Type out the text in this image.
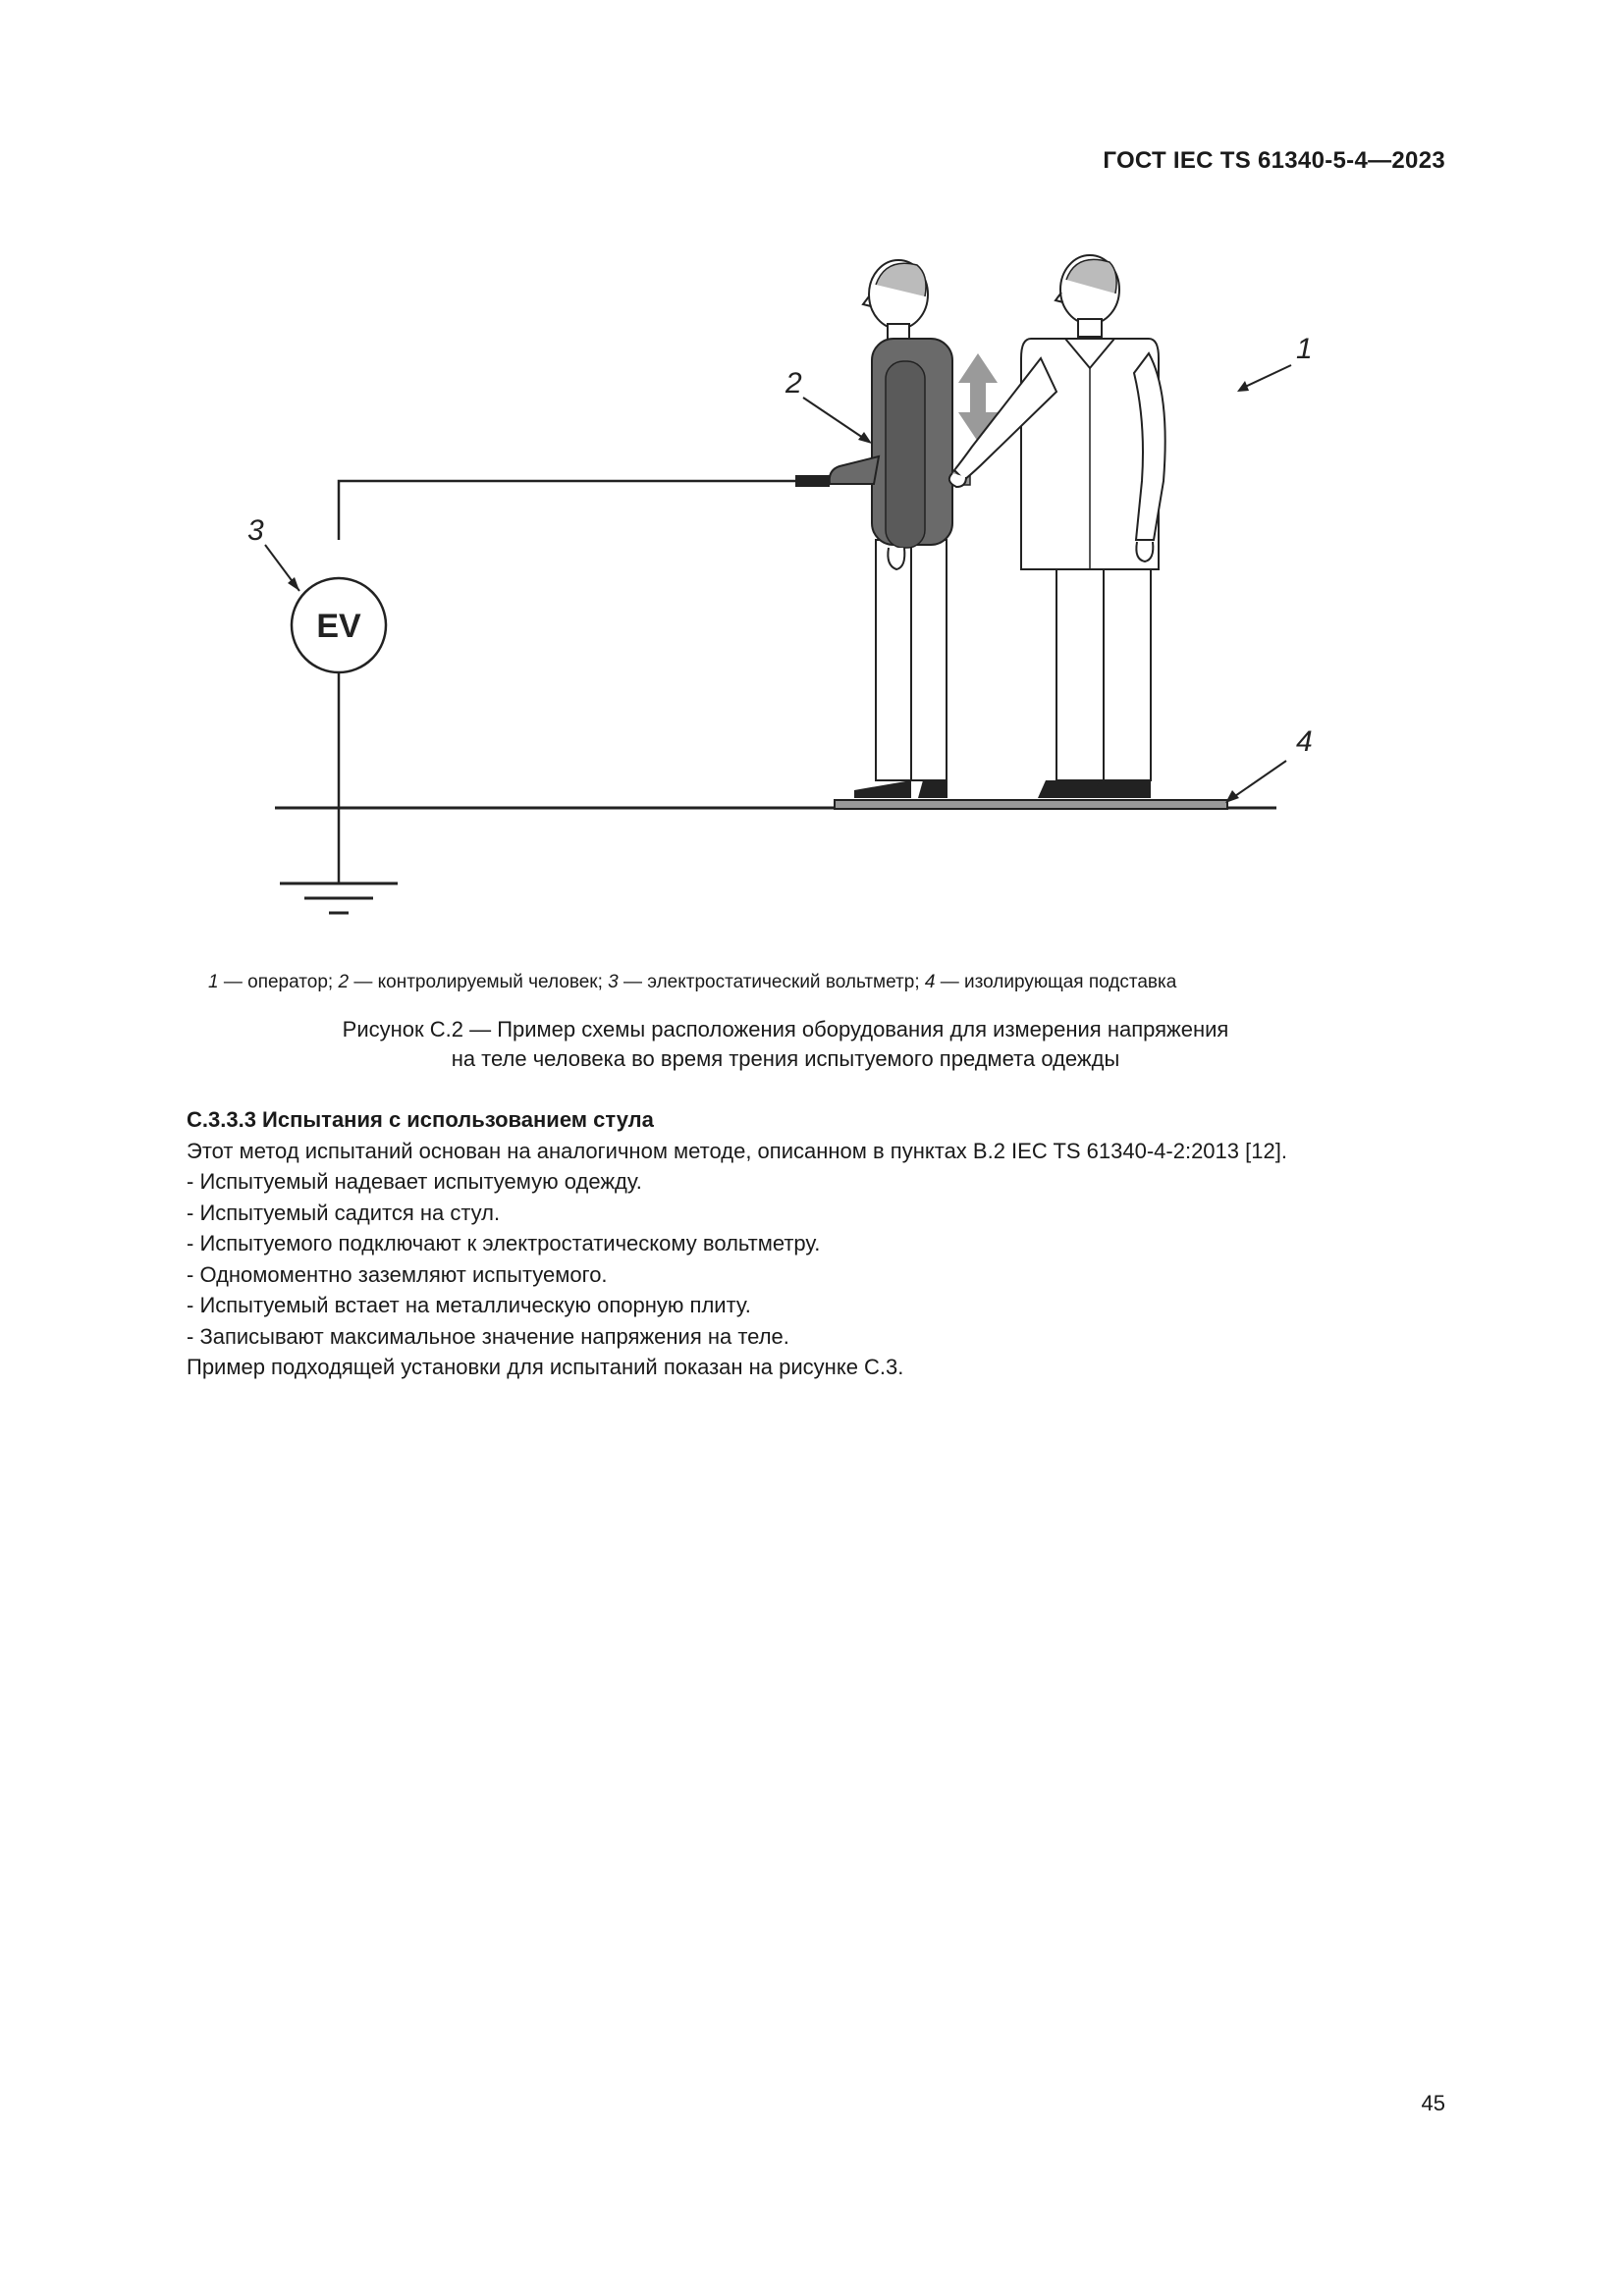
ГОСТ IEC TS 61340-5-4—2023
EV
3
4
2
1
1 — оператор; 2 — контролируемый человек; 3 — электростатический вольтметр; 4 — изолирующая подставка
Рисунок С.2 — Пример схемы расположения оборудования для измерения напряжения
на теле человека во время трения испытуемого предмета одежды
С.3.3.3 Испытания с использованием стула
Этот метод испытаний основан на аналогичном методе, описанном в пунктах В.2 IEC TS 61340-4-2:2013 [12].
- Испытуемый надевает испытуемую одежду.
- Испытуемый садится на стул.
- Испытуемого подключают к электростатическому вольтметру.
- Одномоментно заземляют испытуемого.
- Испытуемый встает на металлическую опорную плиту.
- Записывают максимальное значение напряжения на теле.
Пример подходящей установки для испытаний показан на рисунке С.3.
45
